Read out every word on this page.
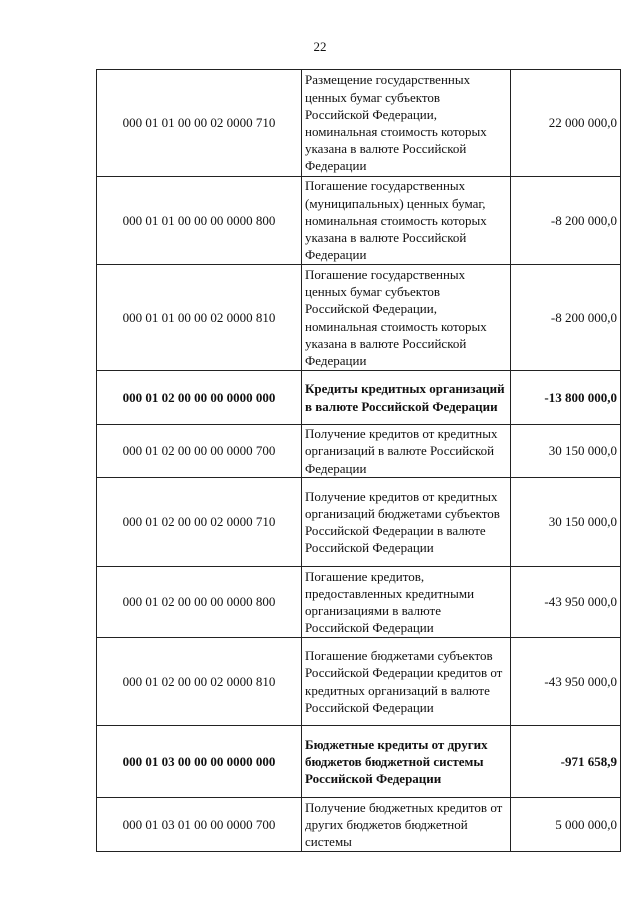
22
000 01 01 00 00 02 0000 710	Размещение государственных ценных бумаг субъектов Российской Федерации, номинальная стоимость которых указана в валюте Российской Федерации	22 000 000,0
000 01 01 00 00 00 0000 800	Погашение государственных (муниципальных) ценных бумаг, номинальная стоимость которых указана в валюте Российской Федерации	-8 200 000,0
000 01 01 00 00 02 0000 810	Погашение государственных ценных бумаг субъектов Российской Федерации, номинальная стоимость которых указана в валюте Российской Федерации	-8 200 000,0
000 01 02 00 00 00 0000 000	Кредиты кредитных организаций в валюте Российской Федерации	-13 800 000,0
000 01 02 00 00 00 0000 700	Получение кредитов от кредитных организаций в валюте Российской Федерации	30 150 000,0
000 01 02 00 00 02 0000 710	Получение кредитов от кредитных организаций бюджетами субъектов Российской Федерации в валюте Российской Федерации	30 150 000,0
000 01 02 00 00 00 0000 800	Погашение кредитов, предоставленных кредитными организациями в валюте Российской Федерации	-43 950 000,0
000 01 02 00 00 02 0000 810	Погашение бюджетами субъектов Российской Федерации кредитов от кредитных организаций в валюте Российской Федерации	-43 950 000,0
000 01 03 00 00 00 0000 000	Бюджетные кредиты от других бюджетов бюджетной системы Российской Федерации	-971 658,9
000 01 03 01 00 00 0000 700	Получение бюджетных кредитов от других бюджетов бюджетной системы	5 000 000,0
